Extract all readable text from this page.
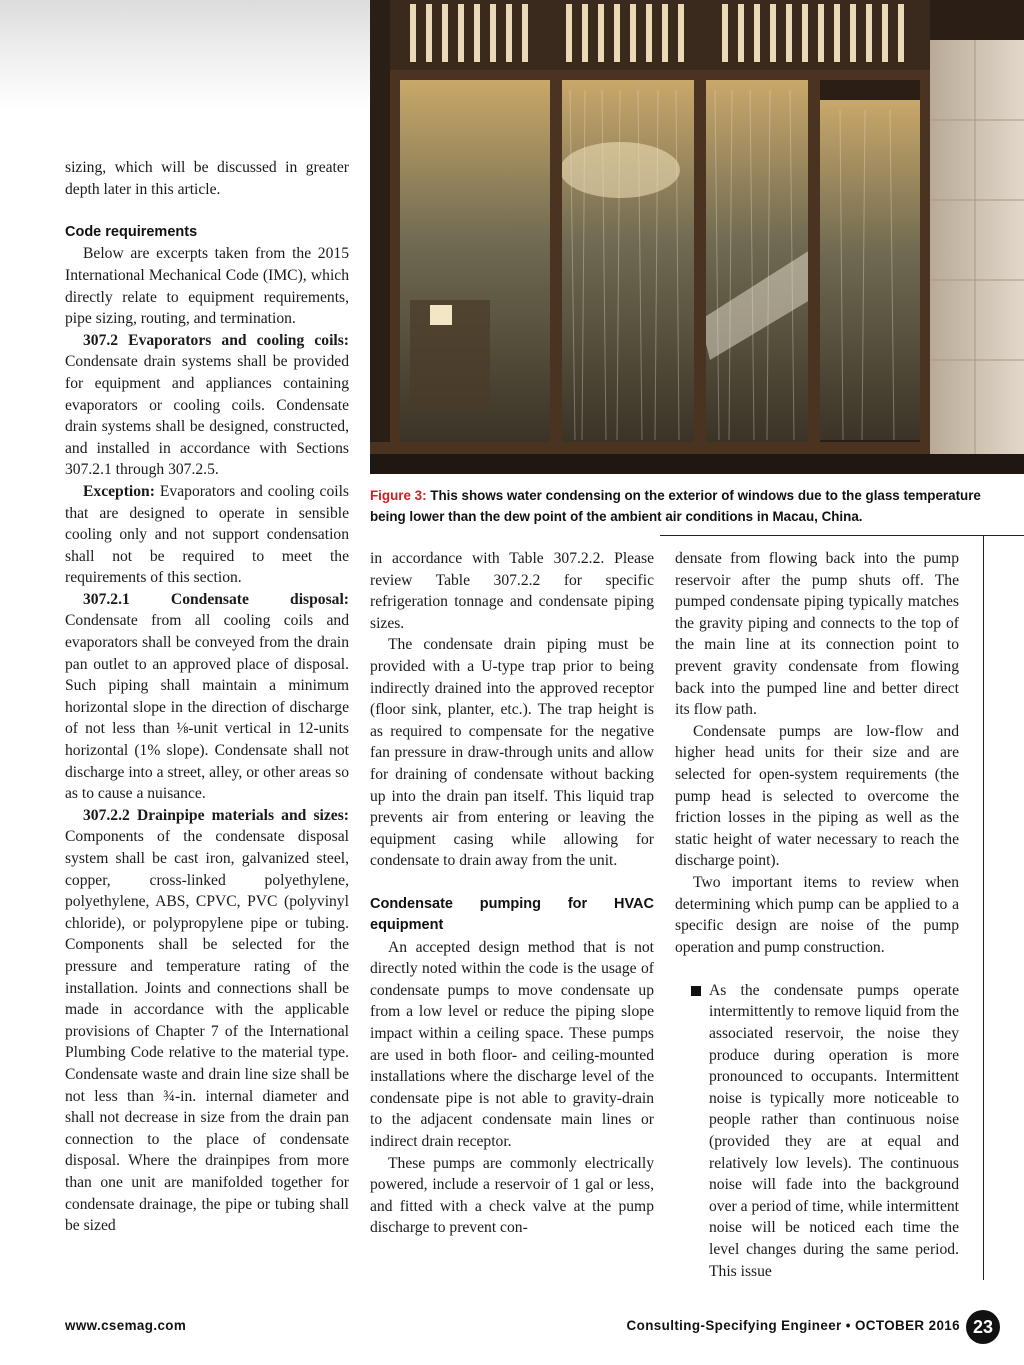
Figure 3: This shows water condensing on the exterior of windows due to the glass temperature being lower than the dew point of the ambient air conditions in Macau, China.

sizing, which will be discussed in greater depth later in this article.

Code requirements

Below are excerpts taken from the 2015 International Mechanical Code (IMC), which directly relate to equipment requirements, pipe sizing, routing, and termination.

307.2 Evaporators and cooling coils: Condensate drain systems shall be provided for equipment and appliances containing evaporators or cooling coils. Condensate drain systems shall be designed, constructed, and installed in accordance with Sections 307.2.1 through 307.2.5.

Exception: Evaporators and cooling coils that are designed to operate in sensible cooling only and not support condensation shall not be required to meet the requirements of this section.

307.2.1 Condensate disposal: Condensate from all cooling coils and evaporators shall be conveyed from the drain pan outlet to an approved place of disposal. Such piping shall maintain a minimum horizontal slope in the direction of discharge of not less than ⅛-unit vertical in 12-units horizontal (1% slope). Condensate shall not discharge into a street, alley, or other areas so as to cause a nuisance.

307.2.2 Drainpipe materials and sizes: Components of the condensate disposal system shall be cast iron, galvanized steel, copper, cross-linked polyethylene, polyethylene, ABS, CPVC, PVC (polyvinyl chloride), or polypropylene pipe or tubing. Components shall be selected for the pressure and temperature rating of the installation. Joints and connections shall be made in accordance with the applicable provisions of Chapter 7 of the International Plumbing Code relative to the material type. Condensate waste and drain line size shall be not less than ¾-in. internal diameter and shall not decrease in size from the drain pan connection to the place of condensate disposal. Where the drainpipes from more than one unit are manifolded together for condensate drainage, the pipe or tubing shall be sized

in accordance with Table 307.2.2. Please review Table 307.2.2 for specific refrigeration tonnage and condensate piping sizes.

The condensate drain piping must be provided with a U-type trap prior to being indirectly drained into the approved receptor (floor sink, planter, etc.). The trap height is as required to compensate for the negative fan pressure in draw-through units and allow for draining of condensate without backing up into the drain pan itself. This liquid trap prevents air from entering or leaving the equipment casing while allowing for condensate to drain away from the unit.

Condensate pumping for HVAC equipment

An accepted design method that is not directly noted within the code is the usage of condensate pumps to move condensate up from a low level or reduce the piping slope impact within a ceiling space. These pumps are used in both floor- and ceiling-mounted installations where the discharge level of the condensate pipe is not able to gravity-drain to the adjacent condensate main lines or indirect drain receptor.

These pumps are commonly electrically powered, include a reservoir of 1 gal or less, and fitted with a check valve at the pump discharge to prevent con-

densate from flowing back into the pump reservoir after the pump shuts off. The pumped condensate piping typically matches the gravity piping and connects to the top of the main line at its connection point to prevent gravity condensate from flowing back into the pumped line and better direct its flow path.

Condensate pumps are low-flow and higher head units for their size and are selected for open-system requirements (the pump head is selected to overcome the friction losses in the piping as well as the static height of water necessary to reach the discharge point).

Two important items to review when determining which pump can be applied to a specific design are noise of the pump operation and pump construction.

As the condensate pumps operate intermittently to remove liquid from the associated reservoir, the noise they produce during operation is more pronounced to occupants. Intermittent noise is typically more noticeable to people rather than continuous noise (provided they are at equal and relatively low levels). The continuous noise will fade into the background over a period of time, while intermittent noise will be noticed each time the level changes during the same period. This issue
www.csemag.com	Consulting-Specifying Engineer • OCTOBER 2016 23
